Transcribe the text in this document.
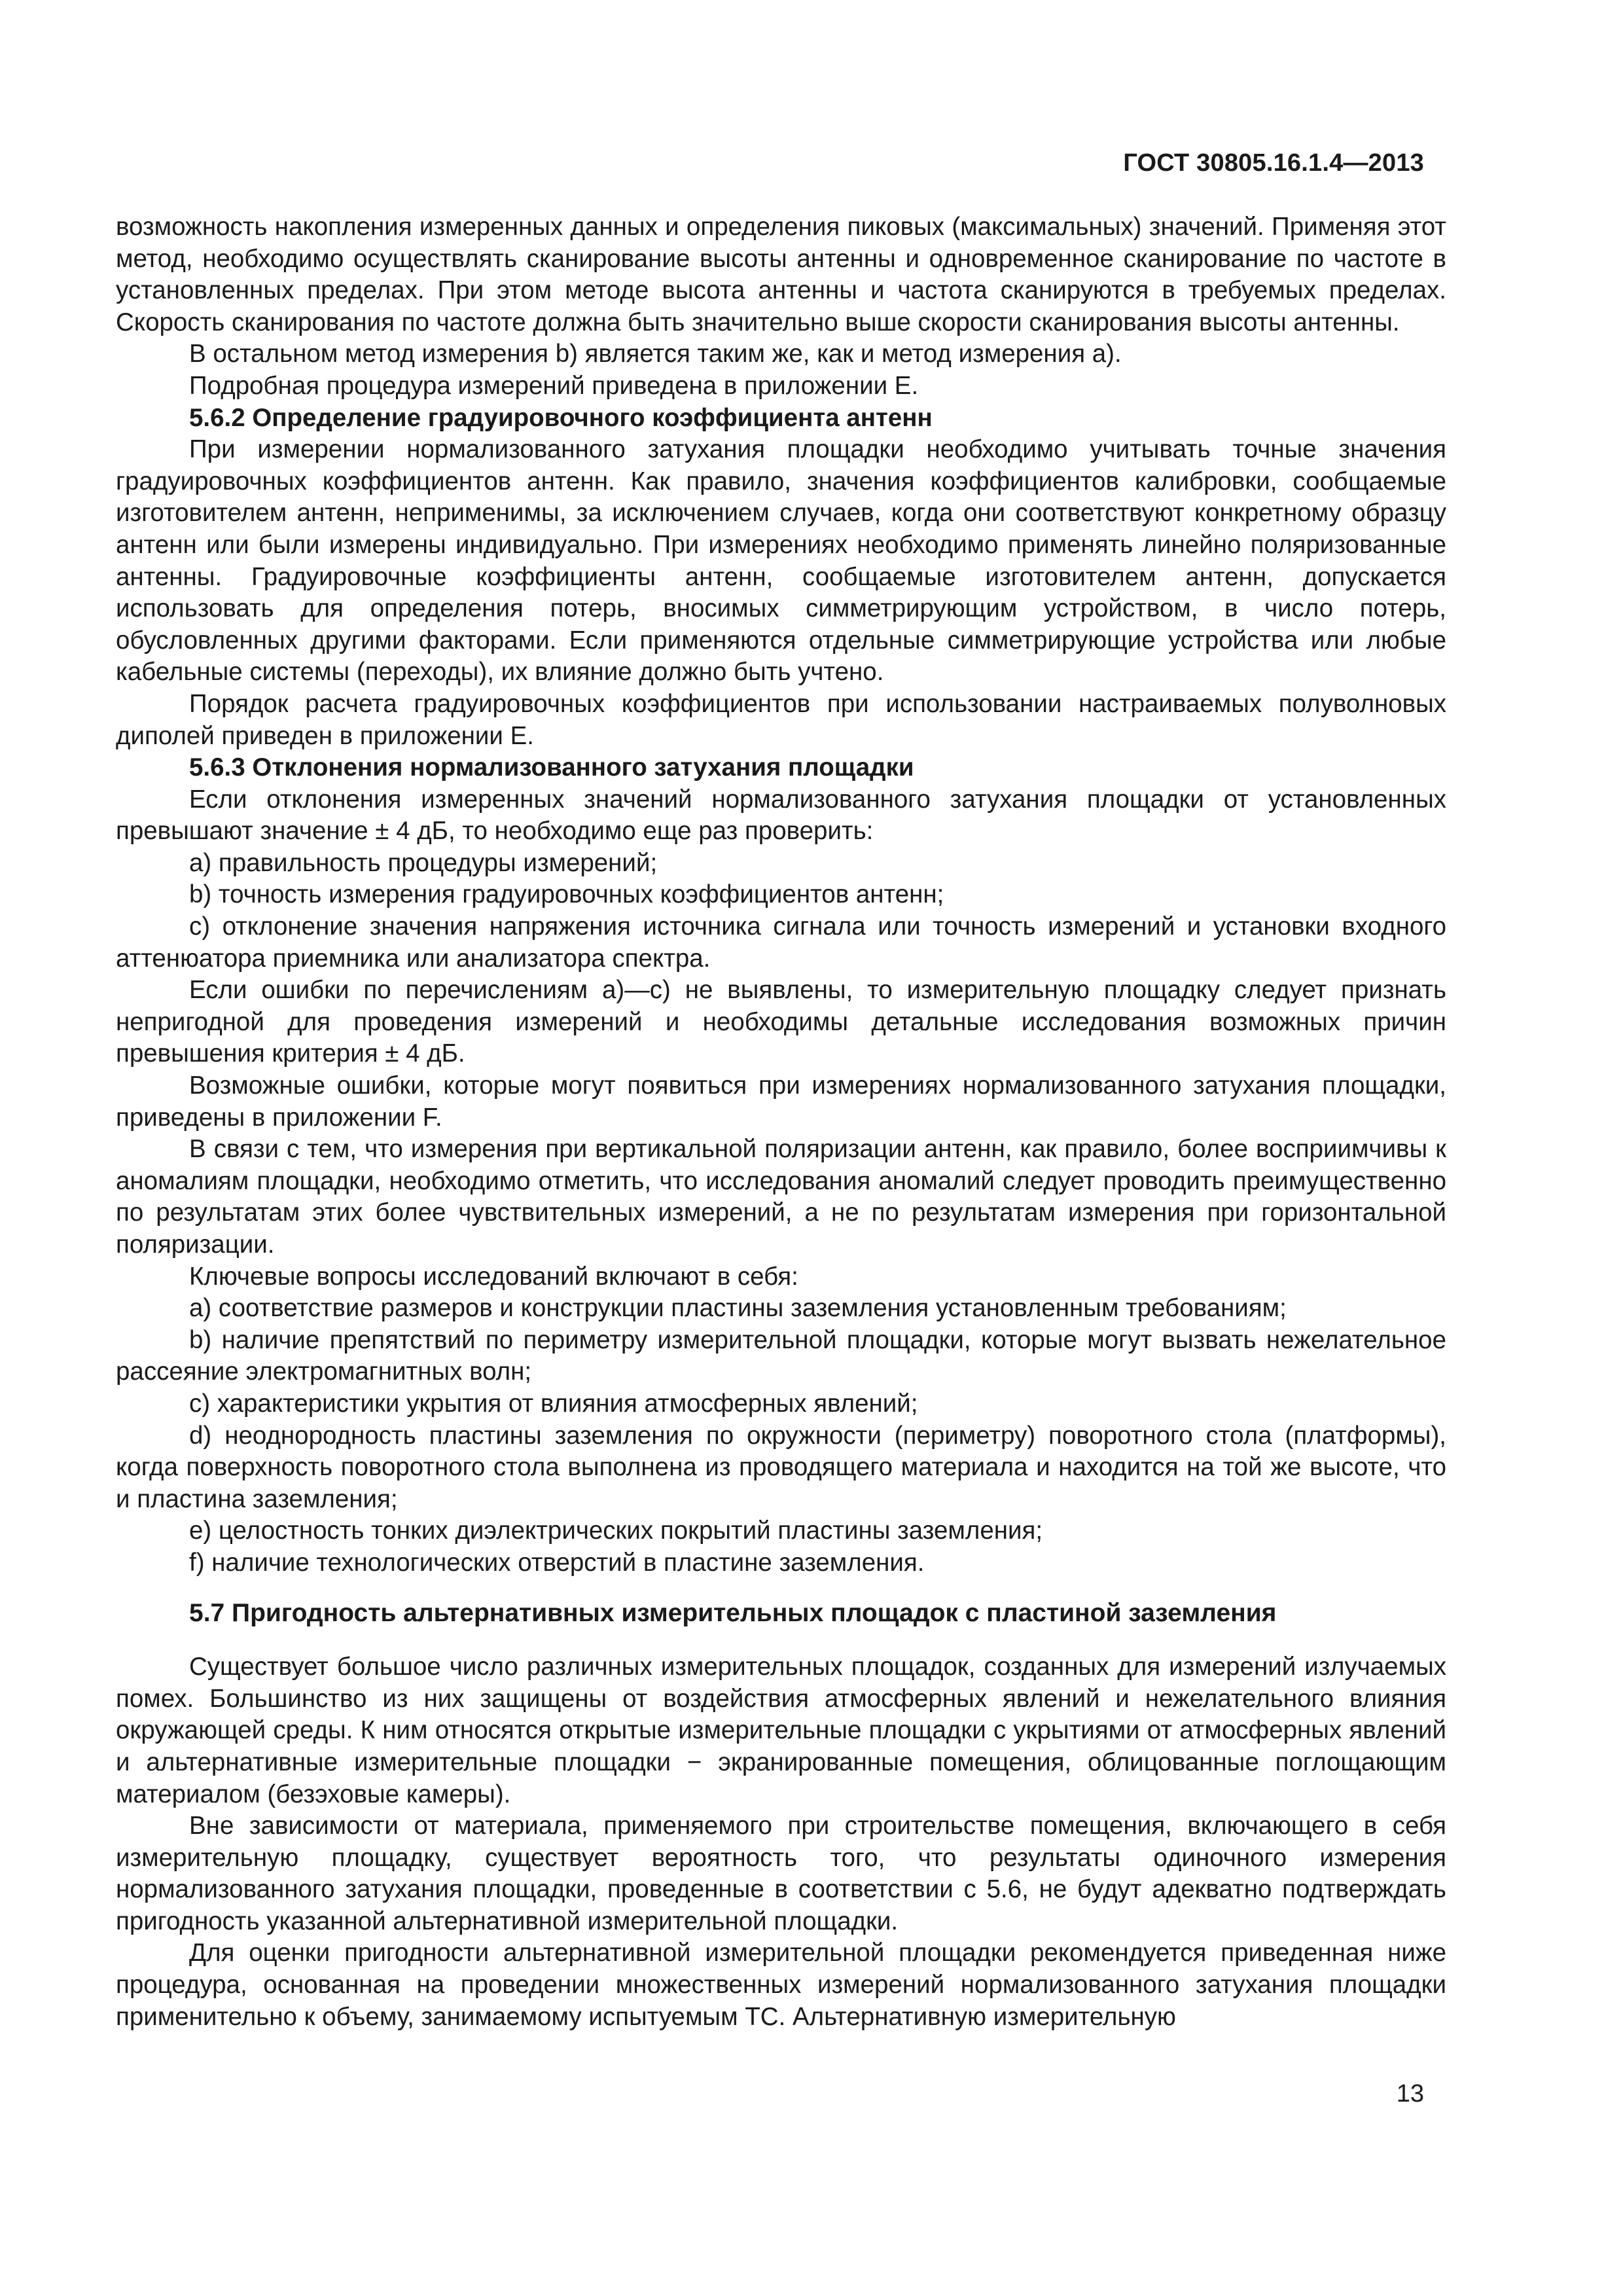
ГОСТ 30805.16.1.4—2013

возможность накопления измеренных данных и определения пиковых (максимальных) значений. Применяя этот метод, необходимо осуществлять сканирование высоты антенны и одновременное сканирование по частоте в установленных пределах. При этом методе высота антенны и частота сканируются в требуемых пределах. Скорость сканирования по частоте должна быть значительно выше скорости сканирования высоты антенны.

В остальном метод измерения b) является таким же, как и метод измерения а).

Подробная процедура измерений приведена в приложении Е.

5.6.2 Определение градуировочного коэффициента антенн

При измерении нормализованного затухания площадки необходимо учитывать точные значения градуировочных коэффициентов антенн. Как правило, значения коэффициентов калибровки, сообщаемые изготовителем антенн, неприменимы, за исключением случаев, когда они соответствуют конкретному образцу антенн или были измерены индивидуально. При измерениях необходимо применять линейно поляризованные антенны. Градуировочные коэффициенты антенн, сообщаемые изготовителем антенн, допускается использовать для определения потерь, вносимых симметрирующим устройством, в число потерь, обусловленных другими факторами. Если применяются отдельные симметрирующие устройства или любые кабельные системы (переходы), их влияние должно быть учтено.

Порядок расчета градуировочных коэффициентов при использовании настраиваемых полуволновых диполей приведен в приложении Е.

5.6.3 Отклонения нормализованного затухания площадки

Если отклонения измеренных значений нормализованного затухания площадки от установленных превышают значение ± 4 дБ, то необходимо еще раз проверить:

а) правильность процедуры измерений;

b) точность измерения градуировочных коэффициентов антенн;

с) отклонение значения напряжения источника сигнала или точность измерений и установки входного аттенюатора приемника или анализатора спектра.

Если ошибки по перечислениям а)—с) не выявлены, то измерительную площадку следует признать непригодной для проведения измерений и необходимы детальные исследования возможных причин превышения критерия ± 4 дБ.

Возможные ошибки, которые могут появиться при измерениях нормализованного затухания площадки, приведены в приложении F.

В связи с тем, что измерения при вертикальной поляризации антенн, как правило, более восприимчивы к аномалиям площадки, необходимо отметить, что исследования аномалий следует проводить преимущественно по результатам этих более чувствительных измерений, а не по результатам измерения при горизонтальной поляризации.

Ключевые вопросы исследований включают в себя:

а) соответствие размеров и конструкции пластины заземления установленным требованиям;

b) наличие препятствий по периметру измерительной площадки, которые могут вызвать нежелательное рассеяние электромагнитных волн;

с) характеристики укрытия от влияния атмосферных явлений;

d) неоднородность пластины заземления по окружности (периметру) поворотного стола (платформы), когда поверхность поворотного стола выполнена из проводящего материала и находится на той же высоте, что и пластина заземления;

е) целостность тонких диэлектрических покрытий пластины заземления;

f) наличие технологических отверстий в пластине заземления.

5.7 Пригодность альтернативных измерительных площадок с пластиной заземления

Существует большое число различных измерительных площадок, созданных для измерений излучаемых помех. Большинство из них защищены от воздействия атмосферных явлений и нежелательного влияния окружающей среды. К ним относятся открытые измерительные площадки с укрытиями от атмосферных явлений и альтернативные измерительные площадки − экранированные помещения, облицованные поглощающим материалом (безэховые камеры).

Вне зависимости от материала, применяемого при строительстве помещения, включающего в себя измерительную площадку, существует вероятность того, что результаты одиночного измерения нормализованного затухания площадки, проведенные в соответствии с 5.6, не будут адекватно подтверждать пригодность указанной альтернативной измерительной площадки.

Для оценки пригодности альтернативной измерительной площадки рекомендуется приведенная ниже процедура, основанная на проведении множественных измерений нормализованного затухания площадки применительно к объему, занимаемому испытуемым ТС. Альтернативную измерительную

13
